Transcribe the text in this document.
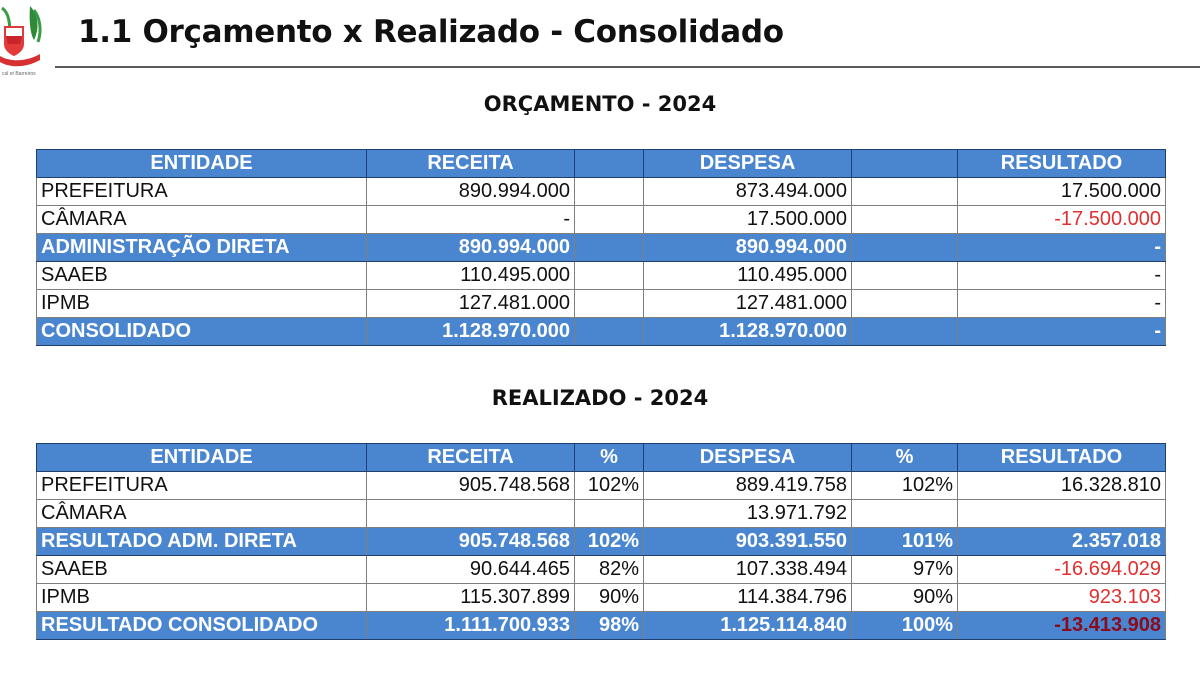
cal et Barreiros
1.1 Orçamento x Realizado - Consolidado
ORÇAMENTO - 2024
ENTIDADE	RECEITA		DESPESA		RESULTADO
PREFEITURA	890.994.000		873.494.000		17.500.000
CÂMARA	-		17.500.000		-17.500.000
ADMINISTRAÇÃO DIRETA	890.994.000		890.994.000		-
SAAEB	110.495.000		110.495.000		-
IPMB	127.481.000		127.481.000		-
CONSOLIDADO	1.128.970.000		1.128.970.000		-
REALIZADO - 2024
ENTIDADE	RECEITA	%	DESPESA	%	RESULTADO
PREFEITURA	905.748.568	102%	889.419.758	102%	16.328.810
CÂMARA			13.971.792		
RESULTADO ADM. DIRETA	905.748.568	102%	903.391.550	101%	2.357.018
SAAEB	90.644.465	82%	107.338.494	97%	-16.694.029
IPMB	115.307.899	90%	114.384.796	90%	923.103
RESULTADO CONSOLIDADO	1.111.700.933	98%	1.125.114.840	100%	-13.413.908
